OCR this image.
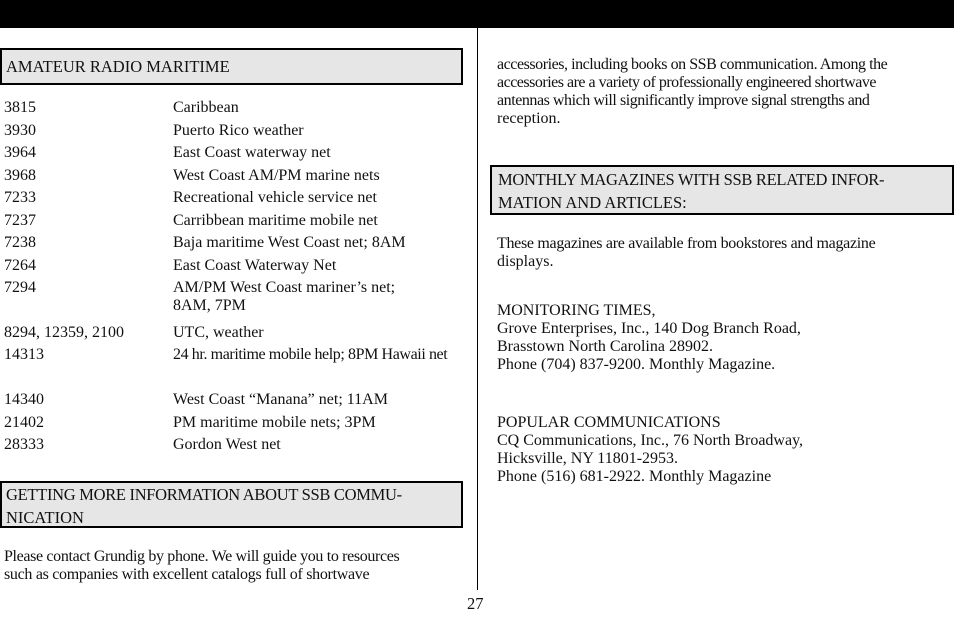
AMATEUR RADIO MARITIME
3815	Caribbean
3930	Puerto Rico weather
3964	East Coast waterway net
3968	West Coast AM/PM marine nets
7233	Recreational vehicle service net
7237	Carribbean maritime mobile net
7238	Baja maritime West Coast net; 8AM
7264	East Coast Waterway Net
7294	AM/PM West Coast mariner’s net; 8AM, 7PM
8294, 12359, 2100	UTC, weather
14313	24 hr. maritime mobile help; 8PM Hawaii net
14340	West Coast “Manana” net; 11AM
21402	PM maritime mobile nets; 3PM
28333	Gordon West net
GETTING MORE INFORMATION ABOUT SSB COMMU-
NICATION
Please contact Grundig by phone. We will guide you to resources
such as companies with excellent catalogs full of shortwave
accessories, including books on SSB communication. Among the
accessories are a variety of professionally engineered shortwave
antennas which will significantly improve signal strengths and
reception.
MONTHLY MAGAZINES WITH SSB RELATED INFOR-
MATION AND ARTICLES:
These magazines are available from bookstores and magazine
displays.
MONITORING TIMES,
Grove Enterprises, Inc., 140 Dog Branch Road,
Brasstown North Carolina 28902.
Phone (704) 837-9200. Monthly Magazine.
POPULAR COMMUNICATIONS
CQ Communications, Inc., 76 North Broadway,
Hicksville, NY 11801-2953.
Phone (516) 681-2922. Monthly Magazine
27
